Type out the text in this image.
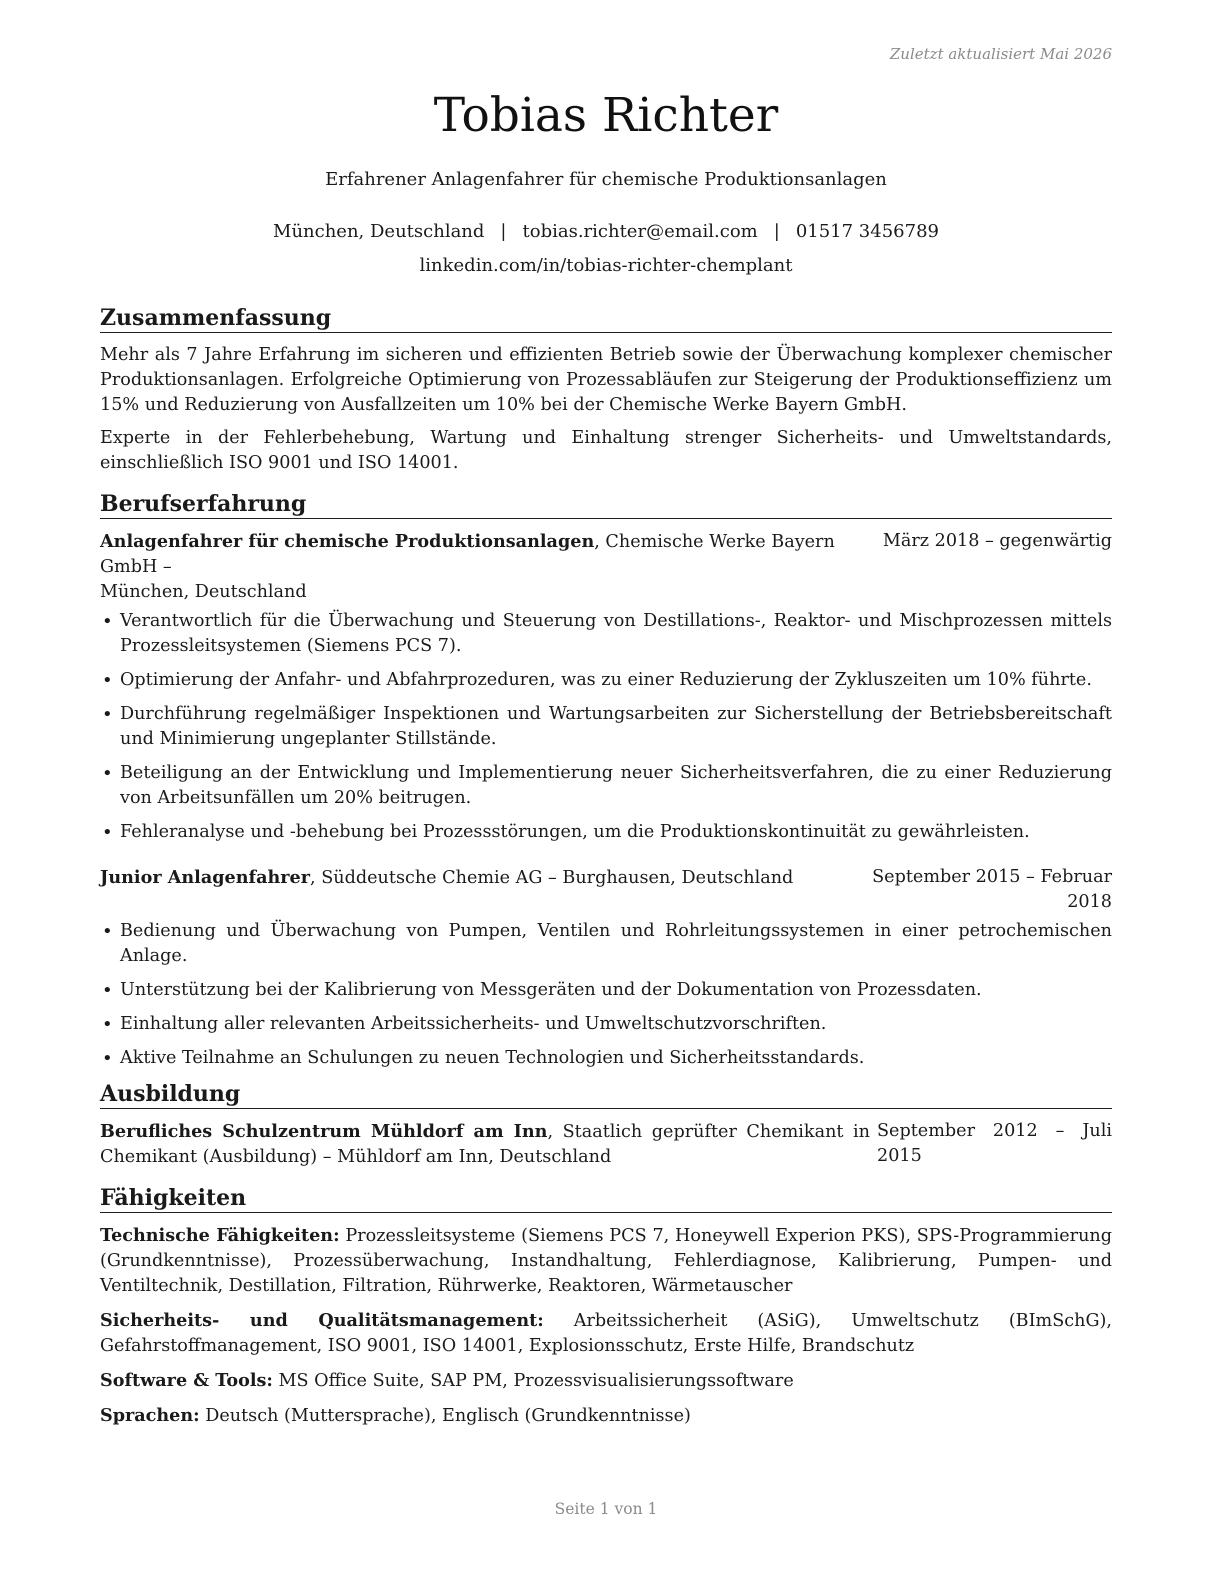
Zuletzt aktualisiert Mai 2026
Tobias Richter
Erfahrener Anlagenfahrer für chemische Produktionsanlagen
München, Deutschland | tobias.richter@email.com | 01517 3456789
linkedin.com/in/tobias-richter-chemplant
Zusammenfassung

Mehr als 7 Jahre Erfahrung im sicheren und effizienten Betrieb sowie der Überwachung komplexer chemischer Produktionsanlagen. Erfolgreiche Optimierung von Prozessabläufen zur Steigerung der Produktionseffizienz um 15% und Reduzierung von Ausfallzeiten um 10% bei der Chemische Werke Bayern GmbH.

Experte in der Fehlerbehebung, Wartung und Einhaltung strenger Sicherheits- und Umweltstandards, einschließlich ISO 9001 und ISO 14001.

Berufserfahrung
Anlagenfahrer für chemische Produktionsanlagen, Chemische Werke Bayern GmbH –
März 2018 – gegenwärtig
München, Deutschland
• Verantwortlich für die Überwachung und Steuerung von Destillations-, Reaktor- und Mischprozessen mittels Prozessleitsystemen (Siemens PCS 7).
• Optimierung der Anfahr- und Abfahrprozeduren, was zu einer Reduzierung der Zykluszeiten um 10% führte.
• Durchführung regelmäßiger Inspektionen und Wartungsarbeiten zur Sicherstellung der Betriebsbereitschaft und Minimierung ungeplanter Stillstände.
• Beteiligung an der Entwicklung und Implementierung neuer Sicherheitsverfahren, die zu einer Reduzierung von Arbeitsunfällen um 20% beitrugen.
• Fehleranalyse und -behebung bei Prozessstörungen, um die Produktionskontinuität zu gewährleisten.
Junior Anlagenfahrer, Süddeutsche Chemie AG – Burghausen, Deutschland	September 2015 – Februar 2018
• Bedienung und Überwachung von Pumpen, Ventilen und Rohrleitungssystemen in einer petrochemischen Anlage.
• Unterstützung bei der Kalibrierung von Messgeräten und der Dokumentation von Prozessdaten.
• Einhaltung aller relevanten Arbeitssicherheits- und Umweltschutzvorschriften.
• Aktive Teilnahme an Schulungen zu neuen Technologien und Sicherheitsstandards.
Ausbildung
Berufliches Schulzentrum Mühldorf am Inn, Staatlich geprüfter Chemikant in Chemikant (Ausbildung) – Mühldorf am Inn, Deutschland
September 2012 – Juli 2015
Fähigkeiten

Technische Fähigkeiten: Prozessleitsysteme (Siemens PCS 7, Honeywell Experion PKS), SPS-Programmierung (Grundkenntnisse), Prozessüberwachung, Instandhaltung, Fehlerdiagnose, Kalibrierung, Pumpen- und Ventiltechnik, Destillation, Filtration, Rührwerke, Reaktoren, Wärmetauscher

Sicherheits- und Qualitätsmanagement: Arbeitssicherheit (ASiG), Umweltschutz (BImSchG), Gefahrstoffmanagement, ISO 9001, ISO 14001, Explosionsschutz, Erste Hilfe, Brandschutz

Software & Tools: MS Office Suite, SAP PM, Prozessvisualisierungssoftware

Sprachen: Deutsch (Muttersprache), Englisch (Grundkenntnisse)

Seite 1 von 1
